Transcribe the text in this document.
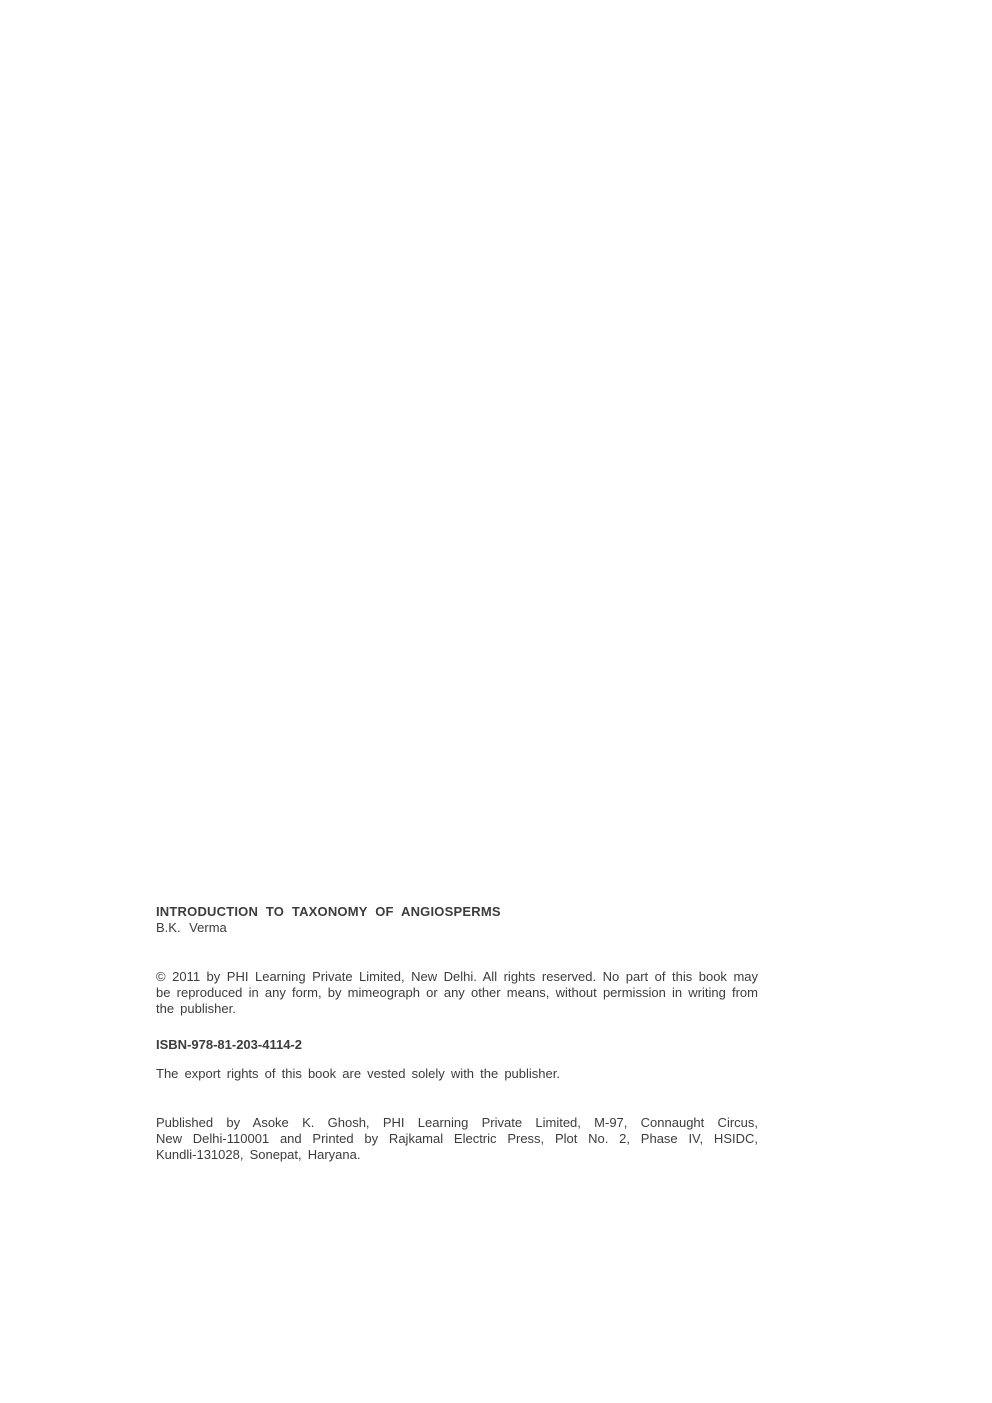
INTRODUCTION TO TAXONOMY OF ANGIOSPERMS
B.K. Verma
© 2011 by PHI Learning Private Limited, New Delhi. All rights reserved. No part of this book may
be reproduced in any form, by mimeograph or any other means, without permission in writing from
the publisher.
ISBN-978-81-203-4114-2
The export rights of this book are vested solely with the publisher.
Published by Asoke K. Ghosh, PHI Learning Private Limited, M-97, Connaught Circus,
New Delhi-110001 and Printed by Rajkamal Electric Press, Plot No. 2, Phase IV, HSIDC,
Kundli-131028, Sonepat, Haryana.
